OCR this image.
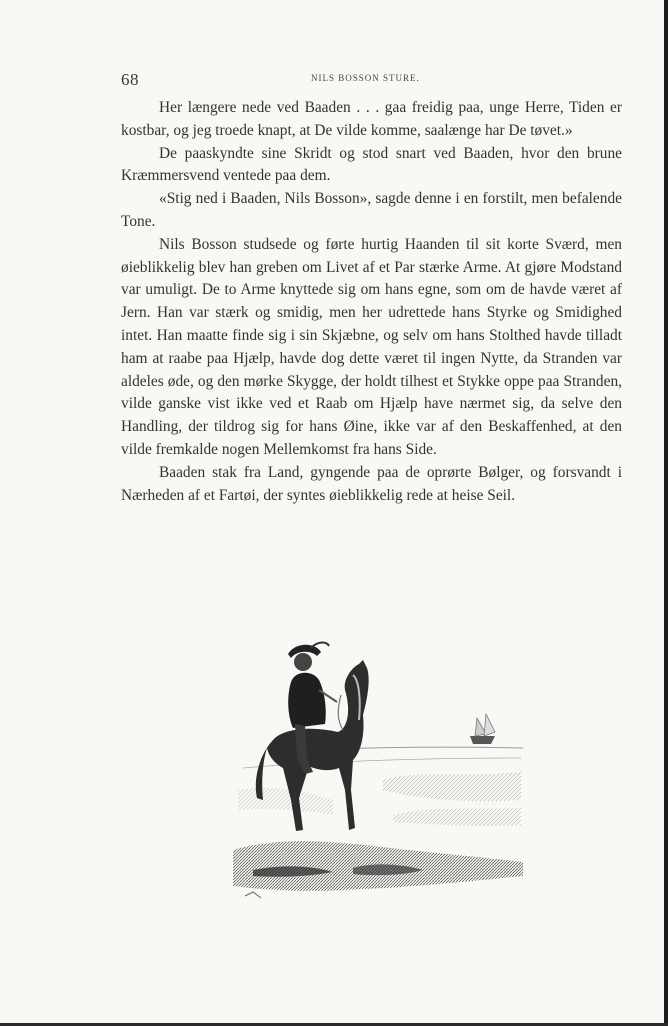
68	NILS BOSSON STURE.

Her længere nede ved Baaden . . . gaa freidig paa, unge Herre, Tiden er kostbar, og jeg troede knapt, at De vilde komme, saalænge har De tøvet.»

De paaskyndte sine Skridt og stod snart ved Baaden, hvor den brune Kræmmersvend ventede paa dem.

«Stig ned i Baaden, Nils Bosson», sagde denne i en forstilt, men befalende Tone.

Nils Bosson studsede og førte hurtig Haanden til sit korte Sværd, men øieblikkelig blev han greben om Livet af et Par stærke Arme. At gjøre Modstand var umuligt. De to Arme knyttede sig om hans egne, som om de havde været af Jern. Han var stærk og smidig, men her udrettede hans Styrke og Smidighed intet. Han maatte finde sig i sin Skjæbne, og selv om hans Stolthed havde tilladt ham at raabe paa Hjælp, havde dog dette været til ingen Nytte, da Stranden var aldeles øde, og den mørke Skygge, der holdt tilhest et Stykke oppe paa Stranden, vilde ganske vist ikke ved et Raab om Hjælp have nærmet sig, da selve den Handling, der tildrog sig for hans Øine, ikke var af den Beskaffenhed, at den vilde fremkalde nogen Mellemkomst fra hans Side.

Baaden stak fra Land, gyngende paa de oprørte Bølger, og forsvandt i Nærheden af et Fartøi, der syntes øieblikkelig rede at heise Seil.
